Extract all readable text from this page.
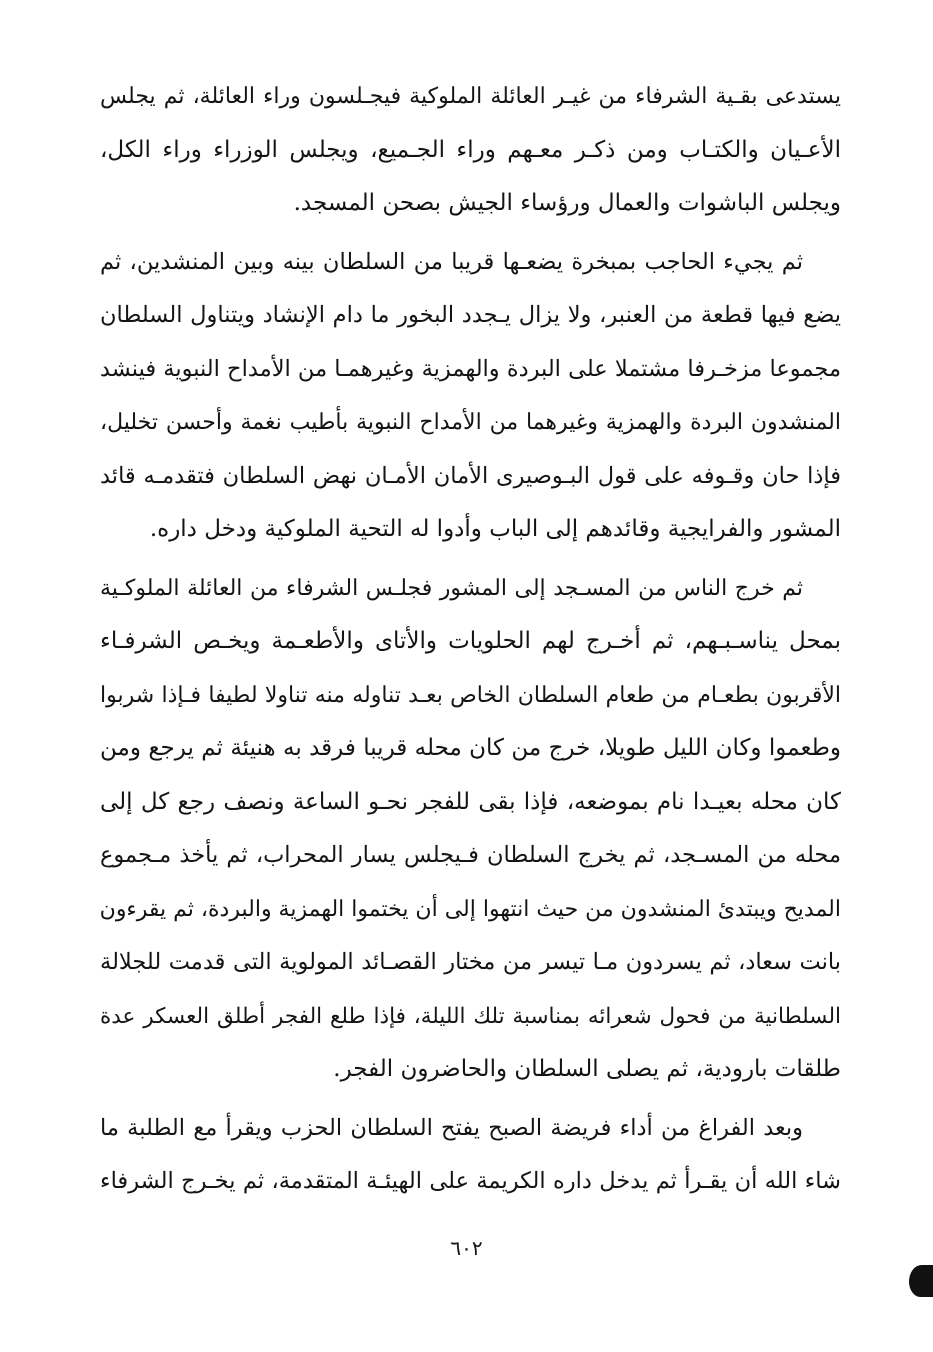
يستدعى بقـية الشرفاء من غيـر العائلة الملوكية فيجـلسون وراء العائلة، ثم يجلس
الأعـيان والكتـاب ومن ذكـر معـهم وراء الجـميع، ويجلس الوزراء وراء الكل،
ويجلس الباشوات والعمال ورؤساء الجيش بصحن المسجد.
ثم يجيء الحاجب بمبخرة يضعـها قريبا من السلطان بينه وبين المنشدين، ثم
يضع فيها قطعة من العنبر، ولا يزال يـجدد البخور ما دام الإنشاد ويتناول السلطان
مجموعا مزخـرفا مشتملا على البردة والهمزية وغيرهمـا من الأمداح النبوية فينشد
المنشدون البردة والهمزية وغيرهما من الأمداح النبوية بأطيب نغمة وأحسن تخليل،
فإذا حان وقـوفه على قول البـوصيرى الأمان الأمـان نهض السلطان فتقدمـه قائد
المشور والفرايجية وقائدهم إلى الباب وأدوا له التحية الملوكية ودخل داره.
ثم خرج الناس من المسـجد إلى المشور فجلـس الشرفاء من العائلة الملوكـية
بمحل يناسـبـهم، ثم أخـرج لهم الحلويات والأتاى والأطعـمة ويخـص الشرفـاء
الأقربون بطعـام من طعام السلطان الخاص بعـد تناوله منه تناولا لطيفا فـإذا شربوا
وطعموا وكان الليل طويلا، خرج من كان محله قريبا فرقد به هنيئة ثم يرجع ومن
كان محله بعيـدا نام بموضعه، فإذا بقى للفجر نحـو الساعة ونصف رجع كل إلى
محله من المسـجد، ثم يخرج السلطان فـيجلس يسار المحراب، ثم يأخذ مـجموع
المديح ويبتدئ المنشدون من حيث انتهوا إلى أن يختموا الهمزية والبردة، ثم يقرءون
بانت سعاد، ثم يسردون مـا تيسر من مختار القصـائد المولوية التى قدمت للجلالة
السلطانية من فحول شعرائه بمناسبة تلك الليلة، فإذا طلع الفجر أطلق العسكر عدة
طلقات بارودية، ثم يصلى السلطان والحاضرون الفجر.
وبعد الفراغ من أداء فريضة الصبح يفتح السلطان الحزب ويقرأ مع الطلبة ما
شاء الله أن يقـرأ ثم يدخل داره الكريمة على الهيئـة المتقدمة، ثم يخـرج الشرفاء
٦٠٢
